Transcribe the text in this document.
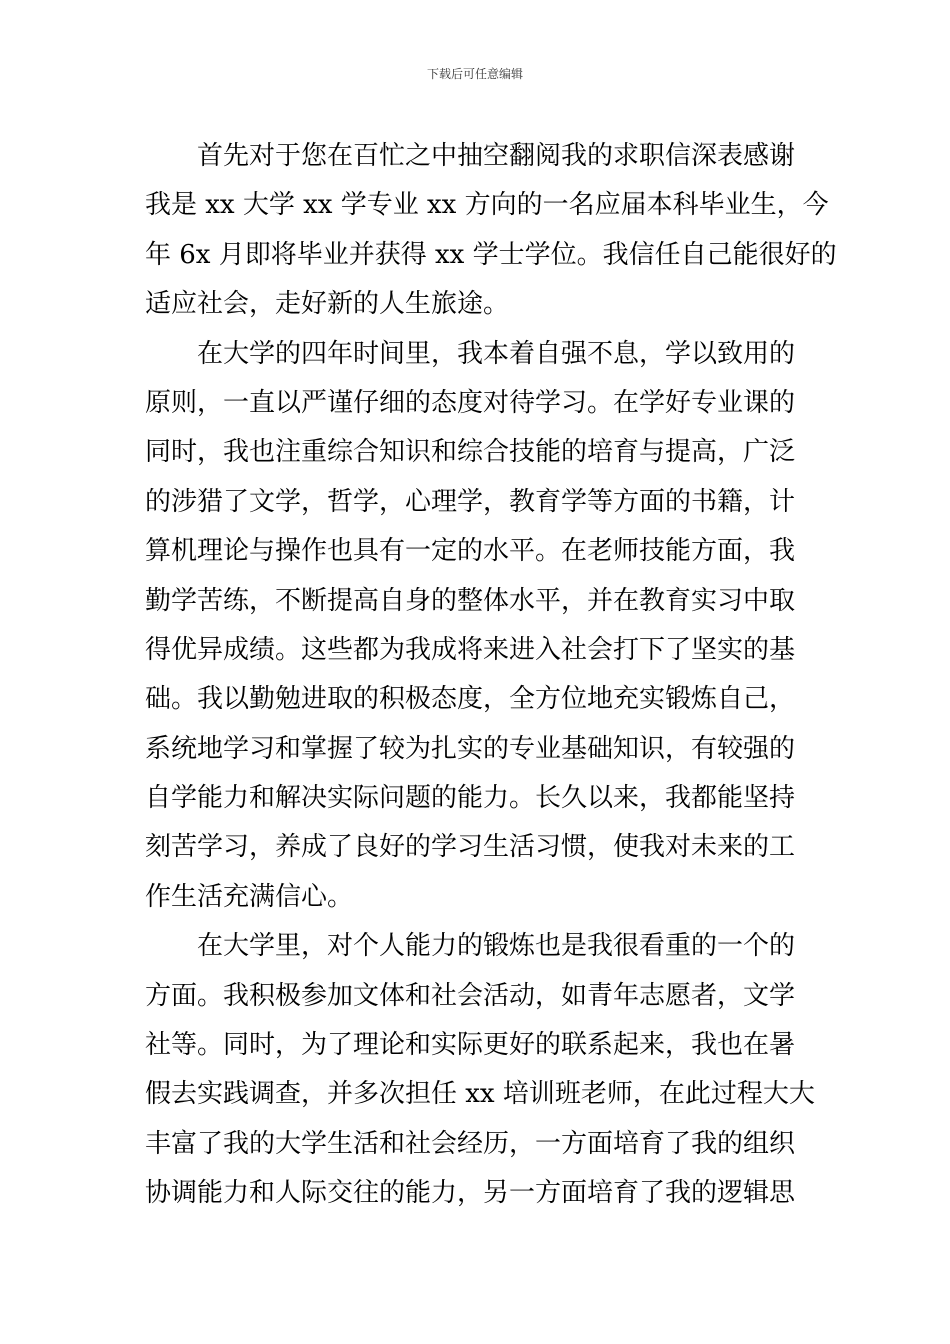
下载后可任意编辑
首先对于您在百忙之中抽空翻阅我的求职信深表感谢
我是 xx 大学 xx 学专业 xx 方向的一名应届本科毕业生，今
年 6x 月即将毕业并获得 xx 学士学位。我信任自己能很好的
适应社会，走好新的人生旅途。
在大学的四年时间里，我本着自强不息，学以致用的
原则，一直以严谨仔细的态度对待学习。在学好专业课的
同时，我也注重综合知识和综合技能的培育与提高，广泛
的涉猎了文学，哲学，心理学，教育学等方面的书籍，计
算机理论与操作也具有一定的水平。在老师技能方面，我
勤学苦练，不断提高自身的整体水平，并在教育实习中取
得优异成绩。这些都为我成将来进入社会打下了坚实的基
础。我以勤勉进取的积极态度，全方位地充实锻炼自己，
系统地学习和掌握了较为扎实的专业基础知识，有较强的
自学能力和解决实际问题的能力。长久以来，我都能坚持
刻苦学习，养成了良好的学习生活习惯，使我对未来的工
作生活充满信心。
在大学里，对个人能力的锻炼也是我很看重的一个的
方面。我积极参加文体和社会活动，如青年志愿者，文学
社等。同时，为了理论和实际更好的联系起来，我也在暑
假去实践调查，并多次担任 xx 培训班老师，在此过程大大
丰富了我的大学生活和社会经历，一方面培育了我的组织
协调能力和人际交往的能力，另一方面培育了我的逻辑思
